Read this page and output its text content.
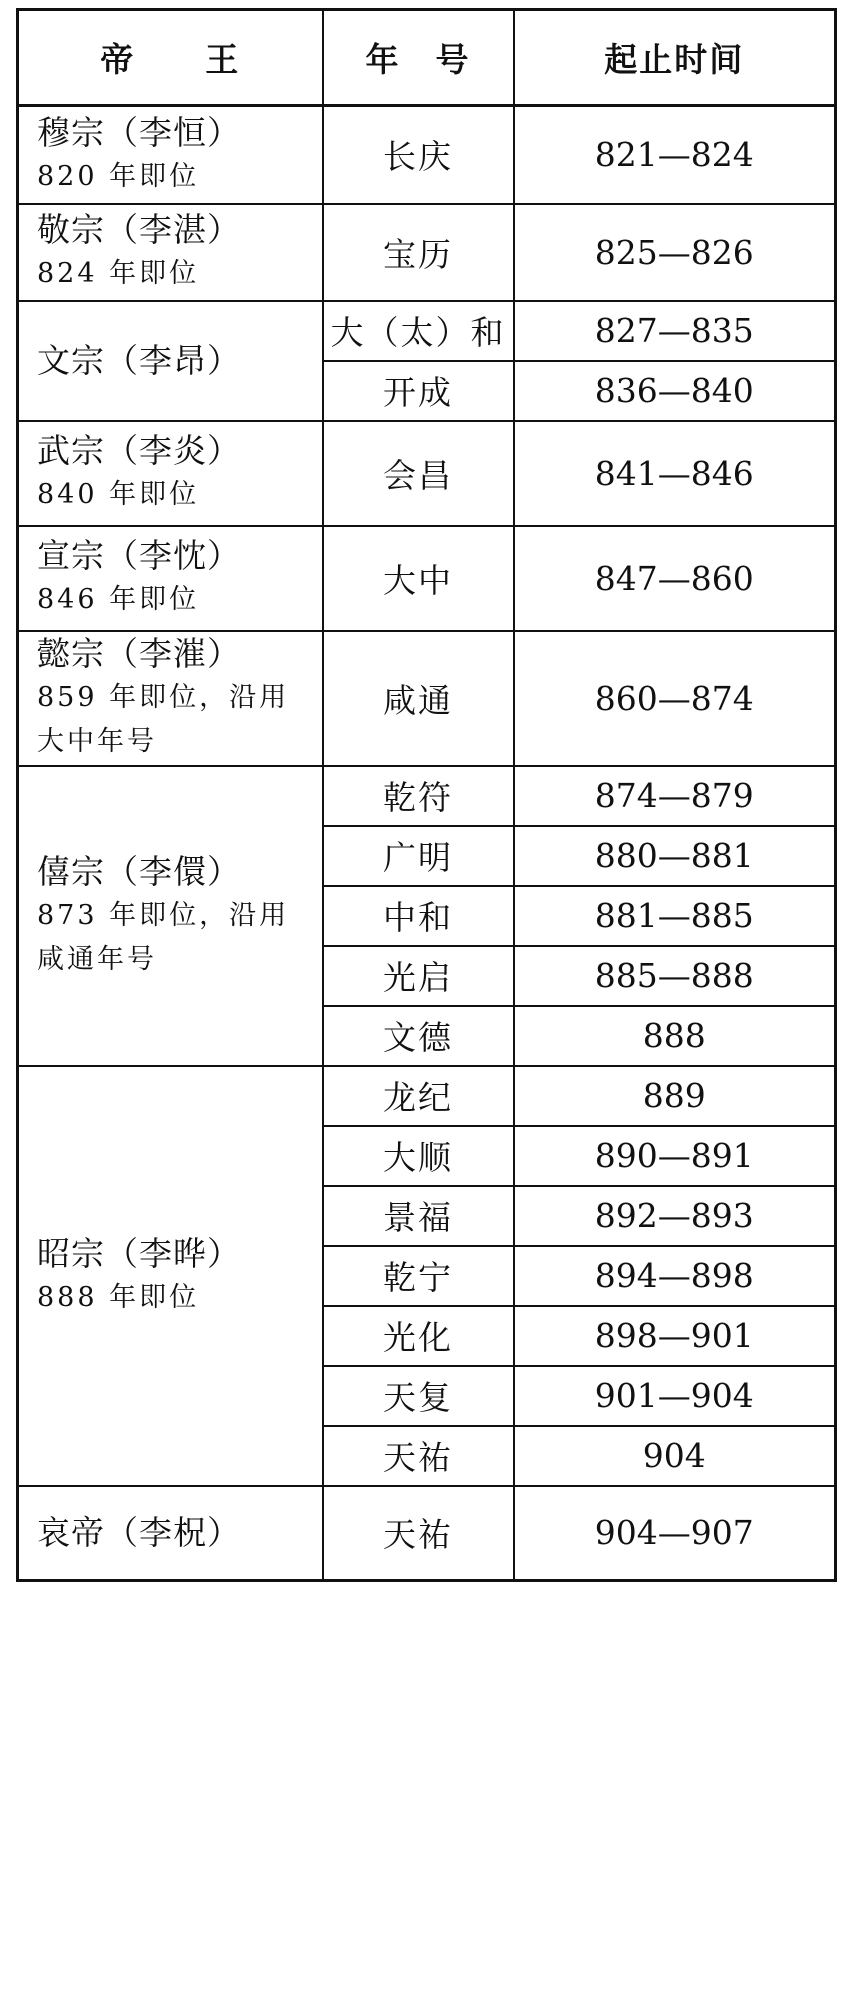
帝　　王	年　号	起止时间

穆宗（李恒）
820 年即位	长庆	821—824

敬宗（李湛）
824 年即位	宝历	825—826

文宗（李昂）	大（太）和	827—835
	开成	836—840

武宗（李炎）
840 年即位	会昌	841—846

宣宗（李忱）
846 年即位	大中	847—860

懿宗（李漼）
859 年即位，沿用大中年号	咸通	860—874

僖宗（李儇）
873 年即位，沿用咸通年号	乾符	874—879
	广明	880—881
	中和	881—885
	光启	885—888
	文德	888

昭宗（李晔）
888 年即位	龙纪	889
	大顺	890—891
	景福	892—893
	乾宁	894—898
	光化	898—901
	天复	901—904
	天祐	904

哀帝（李柷）	天祐	904—907
